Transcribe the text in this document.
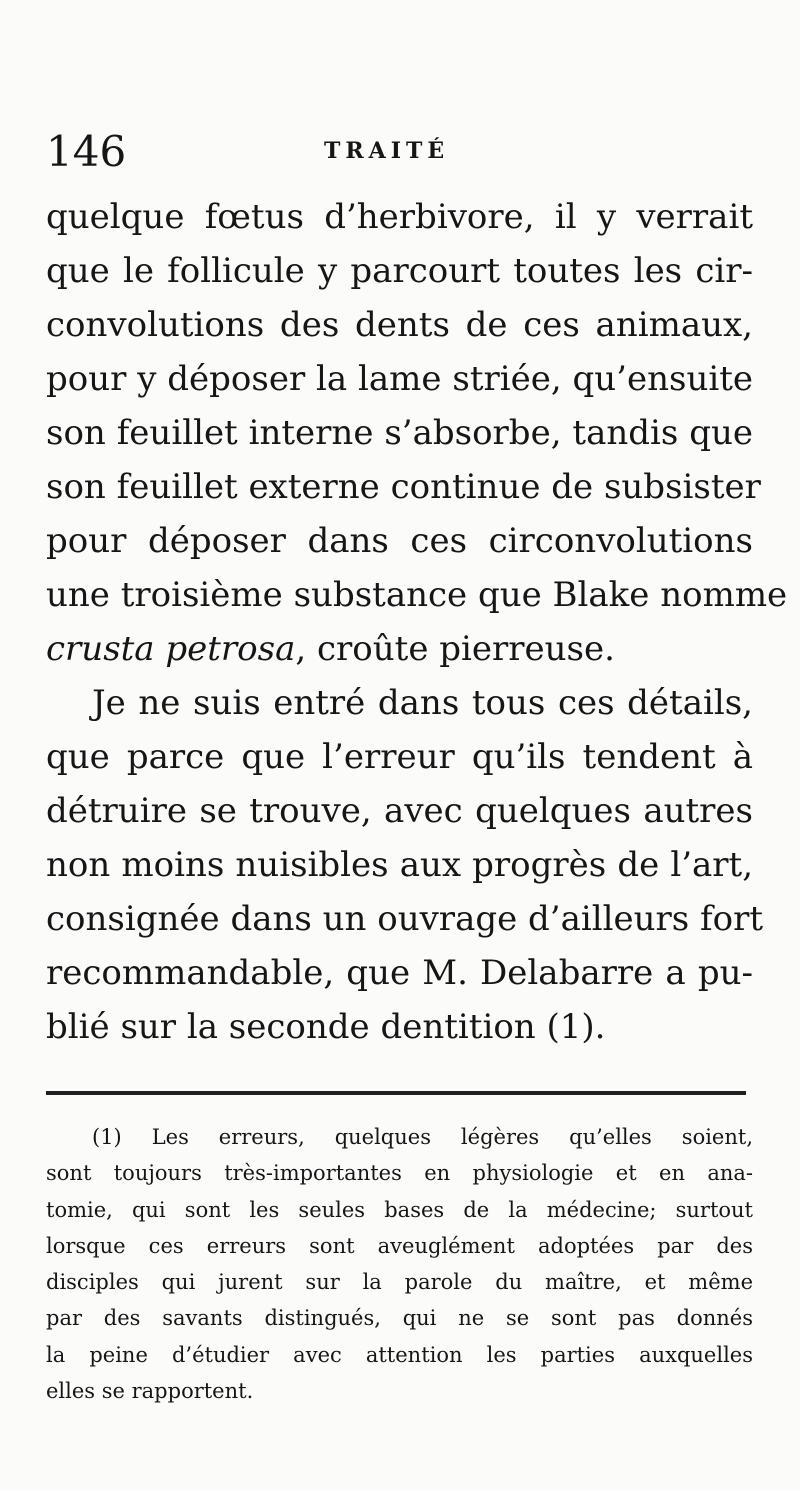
146	TRAITÉ
quelque fœtus d’herbivore, il y verrait
que le follicule y parcourt toutes les cir-
convolutions des dents de ces animaux,
pour y déposer la lame striée, qu’ensuite
son feuillet interne s’absorbe, tandis que
son feuillet externe continue de subsister
pour déposer dans ces circonvolutions
une troisième substance que Blake nomme
crusta petrosa, croûte pierreuse.
Je ne suis entré dans tous ces détails,
que parce que l’erreur qu’ils tendent à
détruire se trouve, avec quelques autres
non moins nuisibles aux progrès de l’art,
consignée dans un ouvrage d’ailleurs fort
recommandable, que M. Delabarre a pu-
blié sur la seconde dentition (1).
(1) Les erreurs, quelques légères qu’elles soient,
sont toujours très-importantes en physiologie et en ana-
tomie, qui sont les seules bases de la médecine; surtout
lorsque ces erreurs sont aveuglément adoptées par des
disciples qui jurent sur la parole du maître, et même
par des savants distingués, qui ne se sont pas donnés
la peine d’étudier avec attention les parties auxquelles
elles se rapportent.
